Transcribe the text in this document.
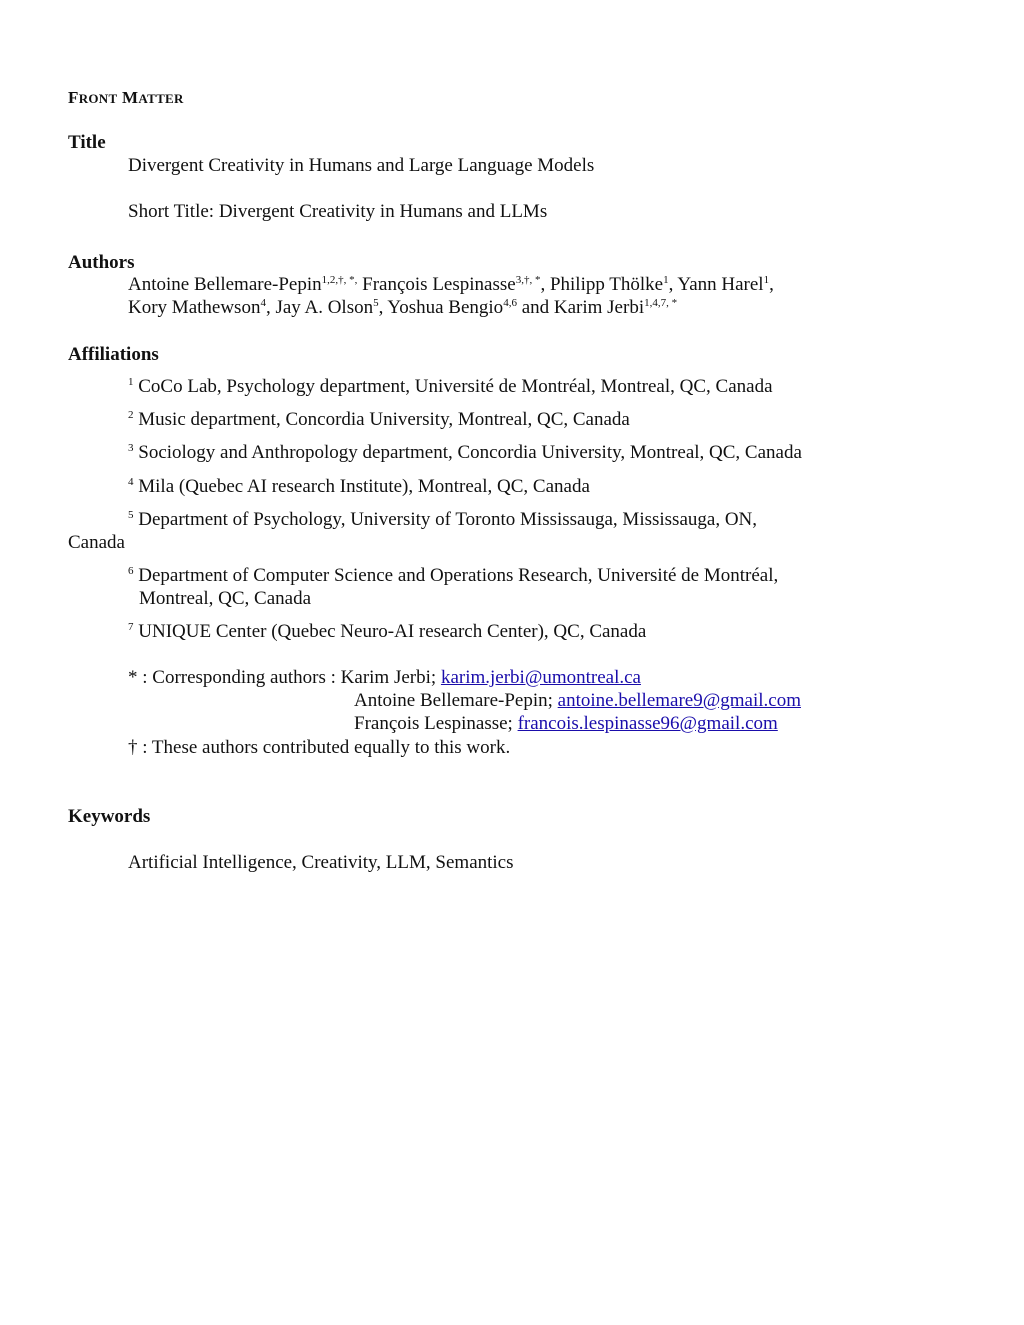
FRONT MATTER
Title
Divergent Creativity in Humans and Large Language Models
Short Title: Divergent Creativity in Humans and LLMs
Authors
Antoine Bellemare-Pepin$^{1,2,\dagger, *,}$ François Lespinasse$^{3,\dagger, *}$, Philipp Thölke$^1$, Yann Harel$^1$,
Kory Mathewson$^4$, Jay A. Olson$^5$, Yoshua Bengio$^{4,6}$ and Karim Jerbi$^{1,4,7, *}$
Affiliations
$^1$ CoCo Lab, Psychology department, Université de Montréal, Montreal, QC, Canada
$^2$ Music department, Concordia University, Montreal, QC, Canada
$^3$ Sociology and Anthropology department, Concordia University, Montreal, QC, Canada
$^4$ Mila (Quebec AI research Institute), Montreal, QC, Canada
$^5$ Department of Psychology, University of Toronto Mississauga, Mississauga, ON,
Canada
$^6$ Department of Computer Science and Operations Research, Université de Montréal,
Montreal, QC, Canada
$^7$ UNIQUE Center (Quebec Neuro-AI research Center), QC, Canada
* : Corresponding authors : Karim Jerbi; karim.jerbi@umontreal.ca
Antoine Bellemare-Pepin; antoine.bellemare9@gmail.com
François Lespinasse; francois.lespinasse96@gmail.com
† : These authors contributed equally to this work.
Keywords
Artificial Intelligence, Creativity, LLM, Semantics
